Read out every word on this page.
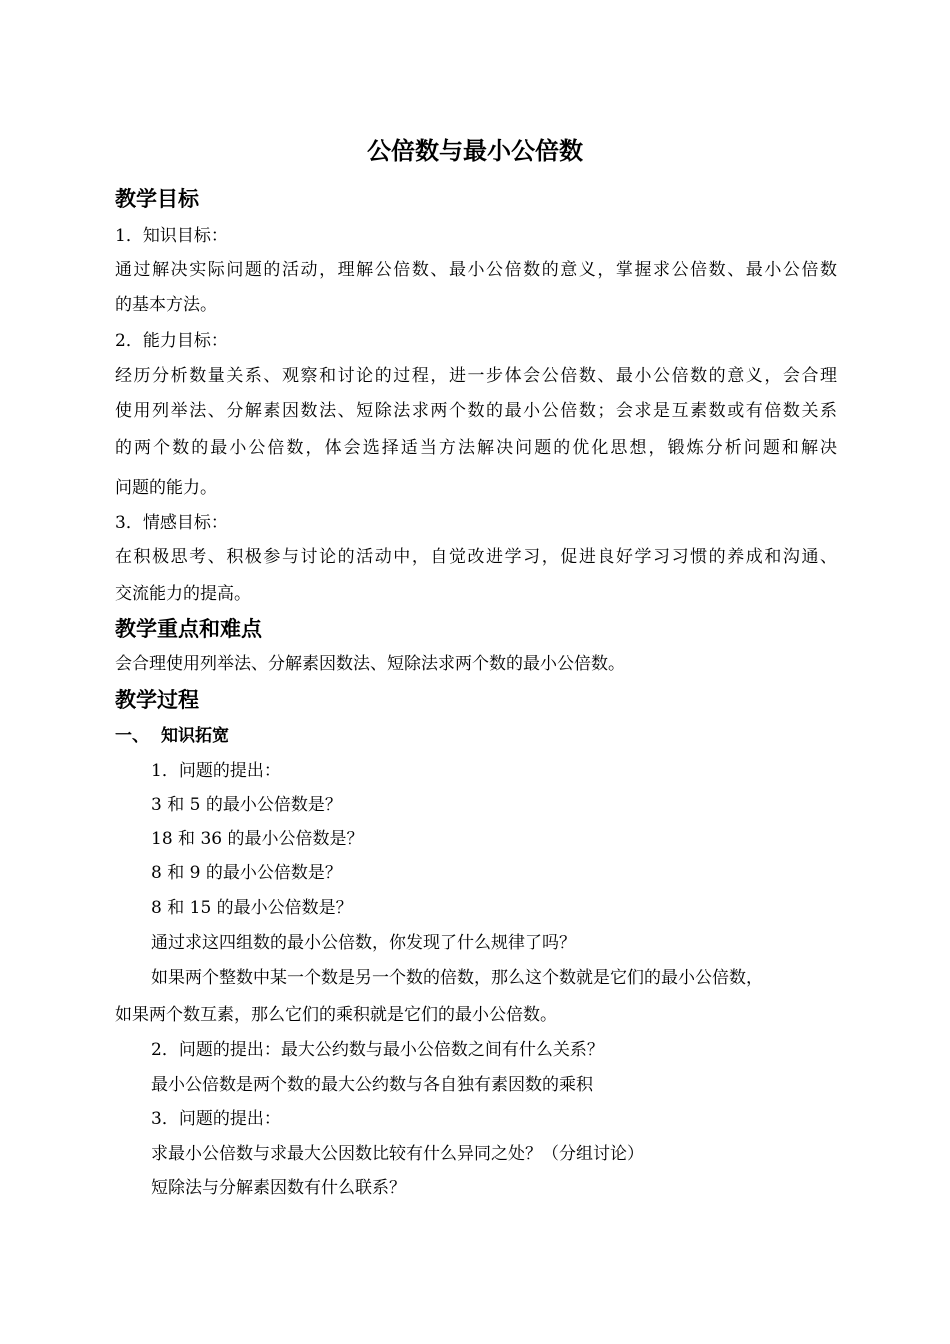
公倍数与最小公倍数
教学目标

1．知识目标：

通过解决实际问题的活动，理解公倍数、最小公倍数的意义，掌握求公倍数、最小公倍数

的基本方法。

2．能力目标：

经历分析数量关系、观察和讨论的过程，进一步体会公倍数、最小公倍数的意义，会合理

使用列举法、分解素因数法、短除法求两个数的最小公倍数；会求是互素数或有倍数关系

的两个数的最小公倍数，体会选择适当方法解决问题的优化思想，锻炼分析问题和解决

问题的能力。

3．情感目标：

在积极思考、积极参与讨论的活动中，自觉改进学习，促进良好学习习惯的养成和沟通、

交流能力的提高。

教学重点和难点

会合理使用列举法、分解素因数法、短除法求两个数的最小公倍数。

教学过程
一、 知识拓宽

1．问题的提出：

3 和 5 的最小公倍数是？

18 和 36 的最小公倍数是？

8 和 9 的最小公倍数是？

8 和 15 的最小公倍数是？

通过求这四组数的最小公倍数，你发现了什么规律了吗？

如果两个整数中某一个数是另一个数的倍数，那么这个数就是它们的最小公倍数，

如果两个数互素，那么它们的乘积就是它们的最小公倍数。

2．问题的提出：最大公约数与最小公倍数之间有什么关系？

最小公倍数是两个数的最大公约数与各自独有素因数的乘积

3．问题的提出：

求最小公倍数与求最大公因数比较有什么异同之处？（分组讨论）

短除法与分解素因数有什么联系？
